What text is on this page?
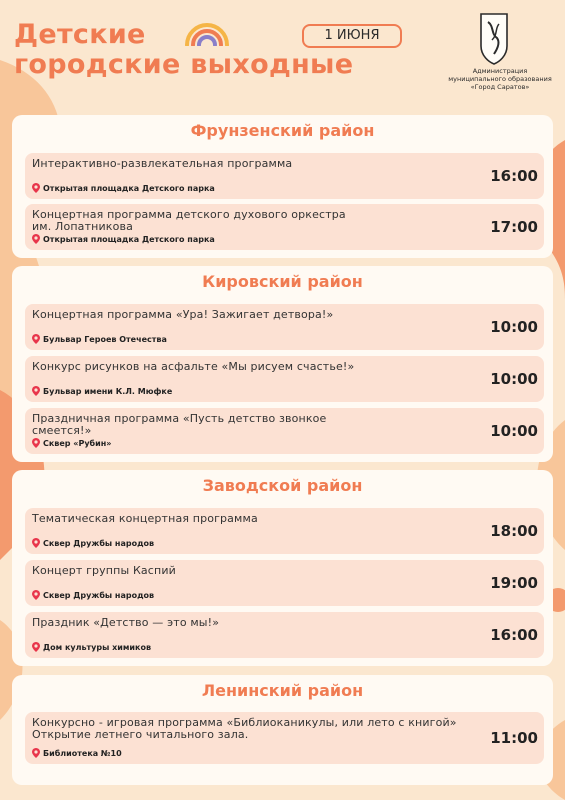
Детские
городские выходные
1 ИЮНЯ
Администрация
муниципального образования
«Город Саратов»
Фрунзенский район
Интерактивно-развлекательная программа
Открытая площадка Детского парка
16:00
Концертная программа детского духового оркестра
им. Лопатникова
Открытая площадка Детского парка
17:00
Кировский район
Концертная программа «Ура! Зажигает детвора!»
Бульвар Героев Отечества
10:00
Конкурс рисунков на асфальте «Мы рисуем счастье!»
Бульвар имени К.Л. Мюфке
10:00
Праздничная программа «Пусть детство звонкое
смеется!»
Сквер «Рубин»
10:00
Заводской район
Тематическая концертная программа
Сквер Дружбы народов
18:00
Концерт группы Каспий
Сквер Дружбы народов
19:00
Праздник «Детство — это мы!»
Дом культуры химиков
16:00
Ленинский район
Конкурсно - игровая программа «Библиоканикулы, или лето с книгой»
Открытие летнего читального зала.
Библиотека №10
11:00
